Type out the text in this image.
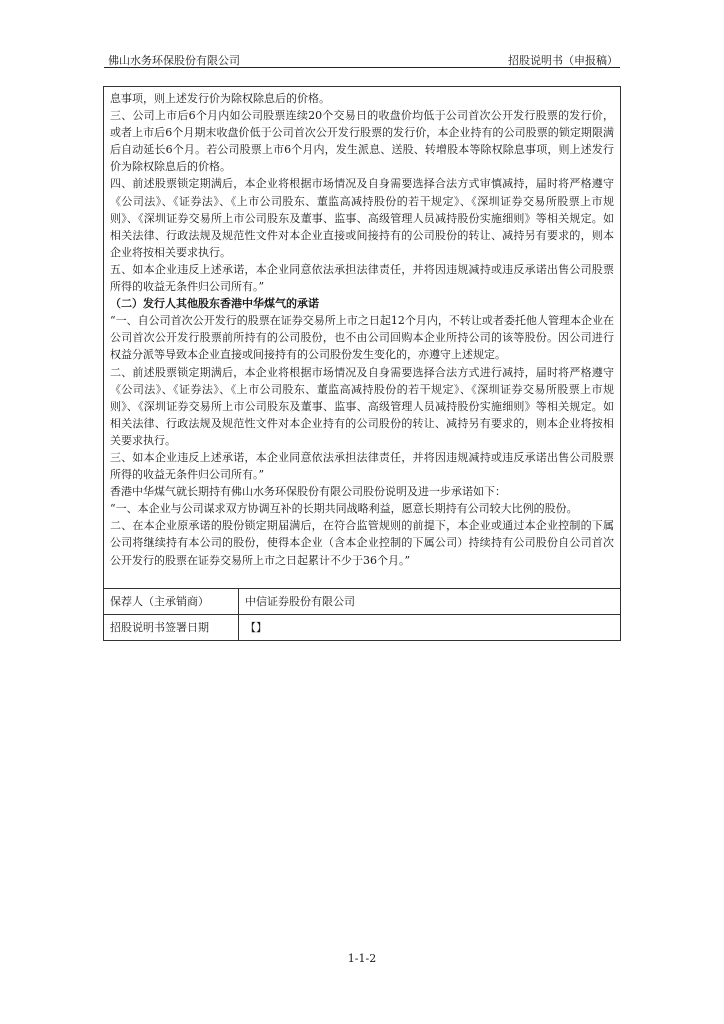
佛山水务环保股份有限公司	招股说明书（申报稿）

息事项，则上述发行价为除权除息后的价格。

三、公司上市后6个月内如公司股票连续20个交易日的收盘价均低于公司首次公开发行股票的发行价，或者上市后6个月期末收盘价低于公司首次公开发行股票的发行价，本企业持有的公司股票的锁定期限满后自动延长6个月。若公司股票上市6个月内，发生派息、送股、转增股本等除权除息事项，则上述发行价为除权除息后的价格。

四、前述股票锁定期满后，本企业将根据市场情况及自身需要选择合法方式审慎减持，届时将严格遵守《公司法》、《证券法》、《上市公司股东、董监高减持股份的若干规定》、《深圳证券交易所股票上市规则》、《深圳证券交易所上市公司股东及董事、监事、高级管理人员减持股份实施细则》等相关规定。如相关法律、行政法规及规范性文件对本企业直接或间接持有的公司股份的转让、减持另有要求的，则本企业将按相关要求执行。

五、如本企业违反上述承诺，本企业同意依法承担法律责任，并将因违规减持或违反承诺出售公司股票所得的收益无条件归公司所有。”

（二）发行人其他股东香港中华煤气的承诺

“一、自公司首次公开发行的股票在证券交易所上市之日起12个月内，不转让或者委托他人管理本企业在公司首次公开发行股票前所持有的公司股份，也不由公司回购本企业所持公司的该等股份。因公司进行权益分派等导致本企业直接或间接持有的公司股份发生变化的，亦遵守上述规定。

二、前述股票锁定期满后，本企业将根据市场情况及自身需要选择合法方式进行减持，届时将严格遵守《公司法》、《证券法》、《上市公司股东、董监高减持股份的若干规定》、《深圳证券交易所股票上市规则》、《深圳证券交易所上市公司股东及董事、监事、高级管理人员减持股份实施细则》等相关规定。如相关法律、行政法规及规范性文件对本企业持有的公司股份的转让、减持另有要求的，则本企业将按相关要求执行。

三、如本企业违反上述承诺，本企业同意依法承担法律责任，并将因违规减持或违反承诺出售公司股票所得的收益无条件归公司所有。”

香港中华煤气就长期持有佛山水务环保股份有限公司股份说明及进一步承诺如下：

“一、本企业与公司谋求双方协调互补的长期共同战略利益，愿意长期持有公司较大比例的股份。

二、在本企业原承诺的股份锁定期届满后，在符合监管规则的前提下，本企业或通过本企业控制的下属公司将继续持有本公司的股份，使得本企业（含本企业控制的下属公司）持续持有公司股份自公司首次公开发行的股票在证券交易所上市之日起累计不少于36个月。”

保荐人（主承销商）	中信证券股份有限公司
招股说明书签署日期	【】
1-1-2
